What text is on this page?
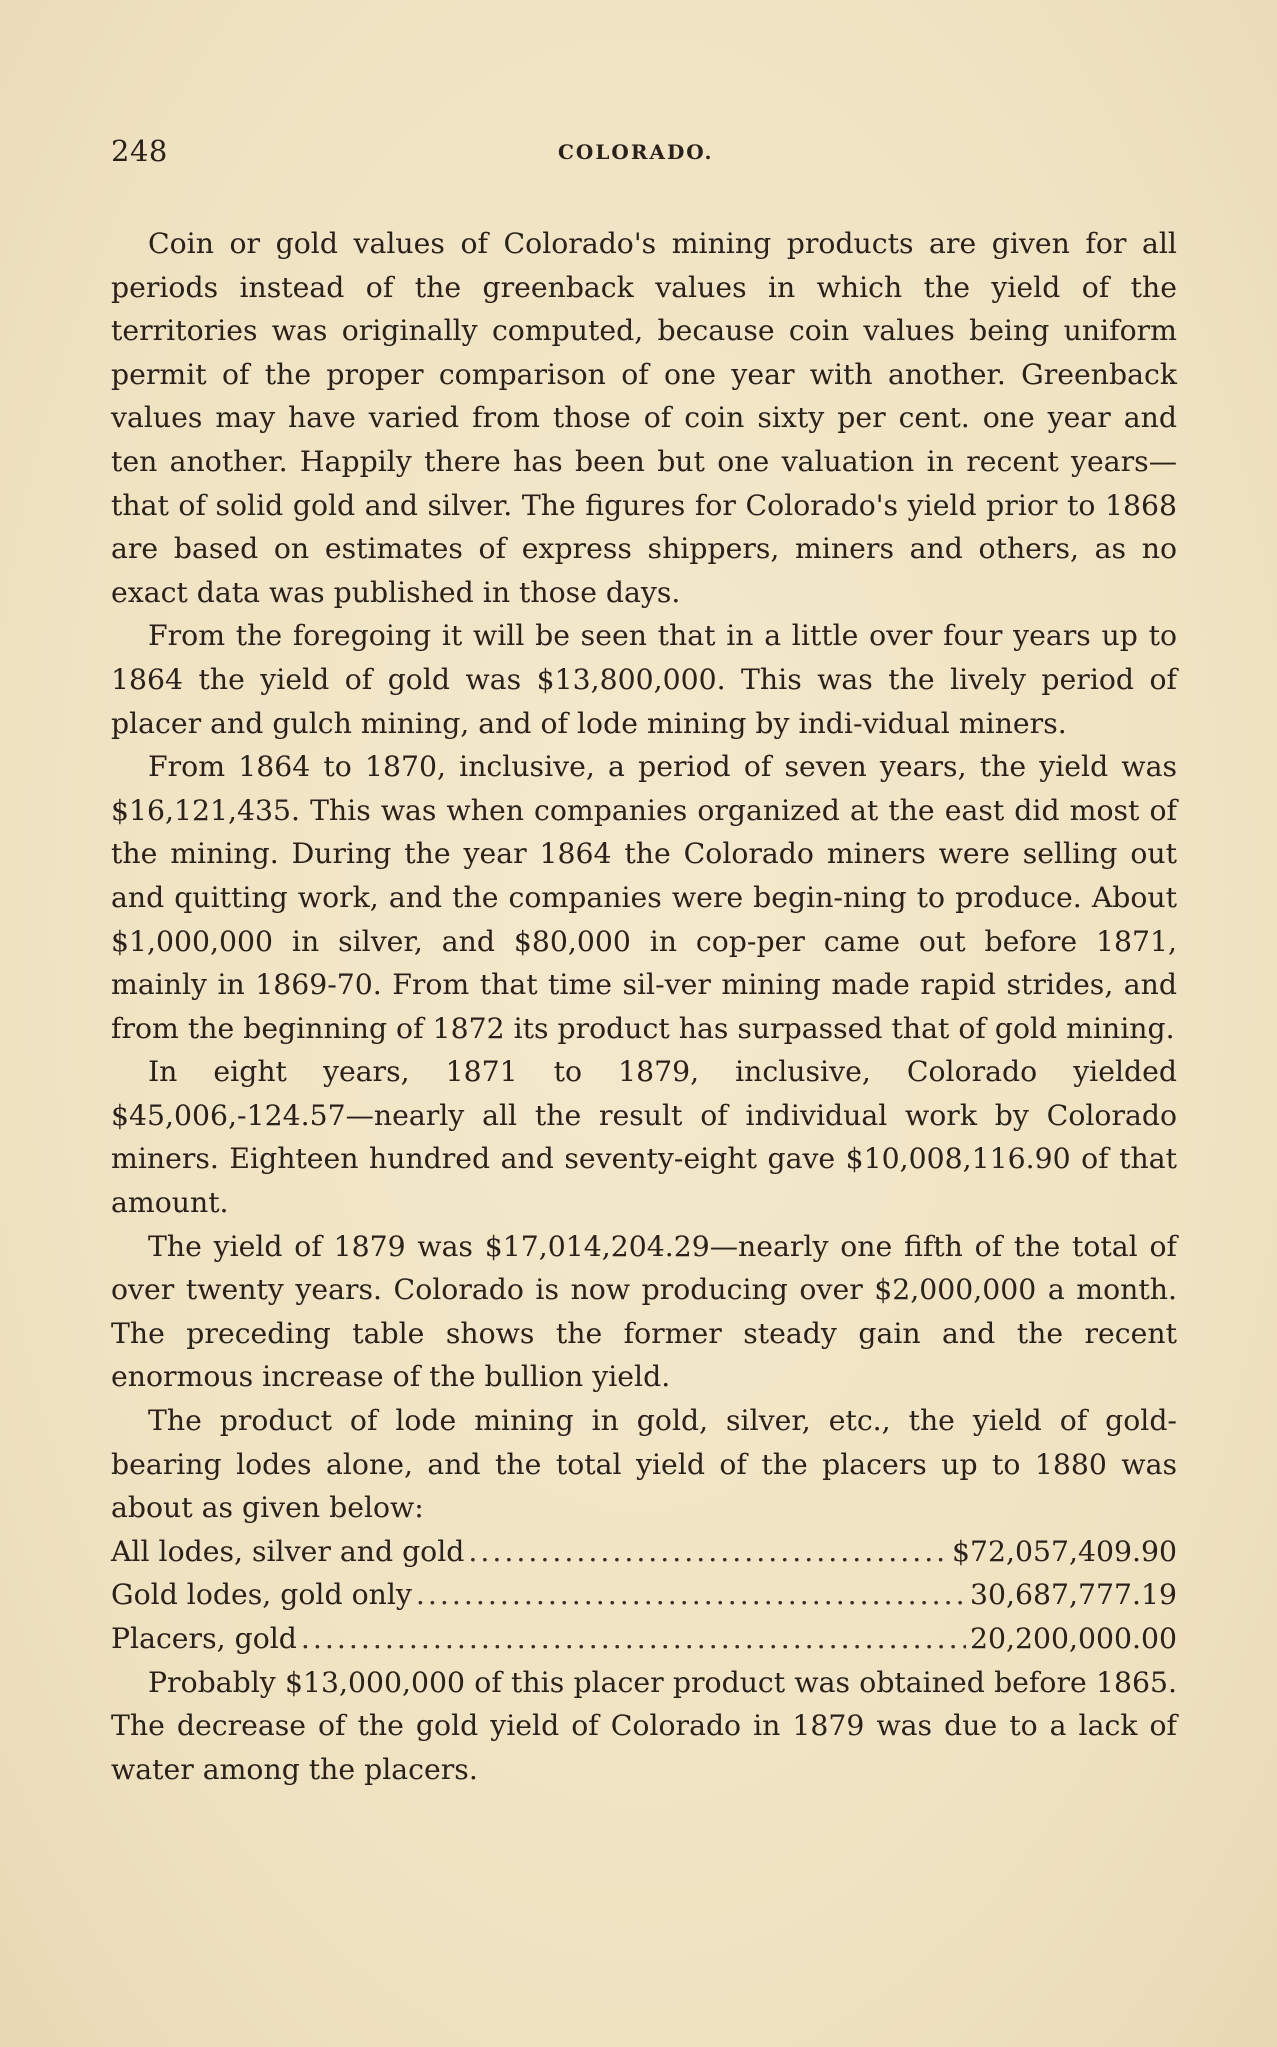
248	COLORADO.

Coin or gold values of Colorado's mining products are given for all periods instead of the greenback values in which the yield of the territories was originally computed, because coin values being uniform permit of the proper comparison of one year with another. Greenback values may have varied from those of coin sixty per cent. one year and ten another. Happily there has been but one valuation in recent years—that of solid gold and silver. The figures for Colorado's yield prior to 1868 are based on estimates of express shippers, miners and others, as no exact data was published in those days.

From the foregoing it will be seen that in a little over four years up to 1864 the yield of gold was $13,800,000. This was the lively period of placer and gulch mining, and of lode mining by indi-vidual miners.

From 1864 to 1870, inclusive, a period of seven years, the yield was $16,121,435. This was when companies organized at the east did most of the mining. During the year 1864 the Colorado miners were selling out and quitting work, and the companies were begin-ning to produce. About $1,000,000 in silver, and $80,000 in cop-per came out before 1871, mainly in 1869-70. From that time sil-ver mining made rapid strides, and from the beginning of 1872 its product has surpassed that of gold mining.

In eight years, 1871 to 1879, inclusive, Colorado yielded $45,006,-124.57—nearly all the result of individual work by Colorado miners. Eighteen hundred and seventy-eight gave $10,008,116.90 of that amount.

The yield of 1879 was $17,014,204.29—nearly one fifth of the total of over twenty years. Colorado is now producing over $2,000,000 a month. The preceding table shows the former steady gain and the recent enormous increase of the bullion yield.

The product of lode mining in gold, silver, etc., the yield of gold-bearing lodes alone, and the total yield of the placers up to 1880 was about as given below:

All lodes, silver and gold .....	$72,057,409.90
Gold lodes, gold only .....	30,687,777.19
Placers, gold .....	20,200,000.00

Probably $13,000,000 of this placer product was obtained before 1865. The decrease of the gold yield of Colorado in 1879 was due to a lack of water among the placers.
